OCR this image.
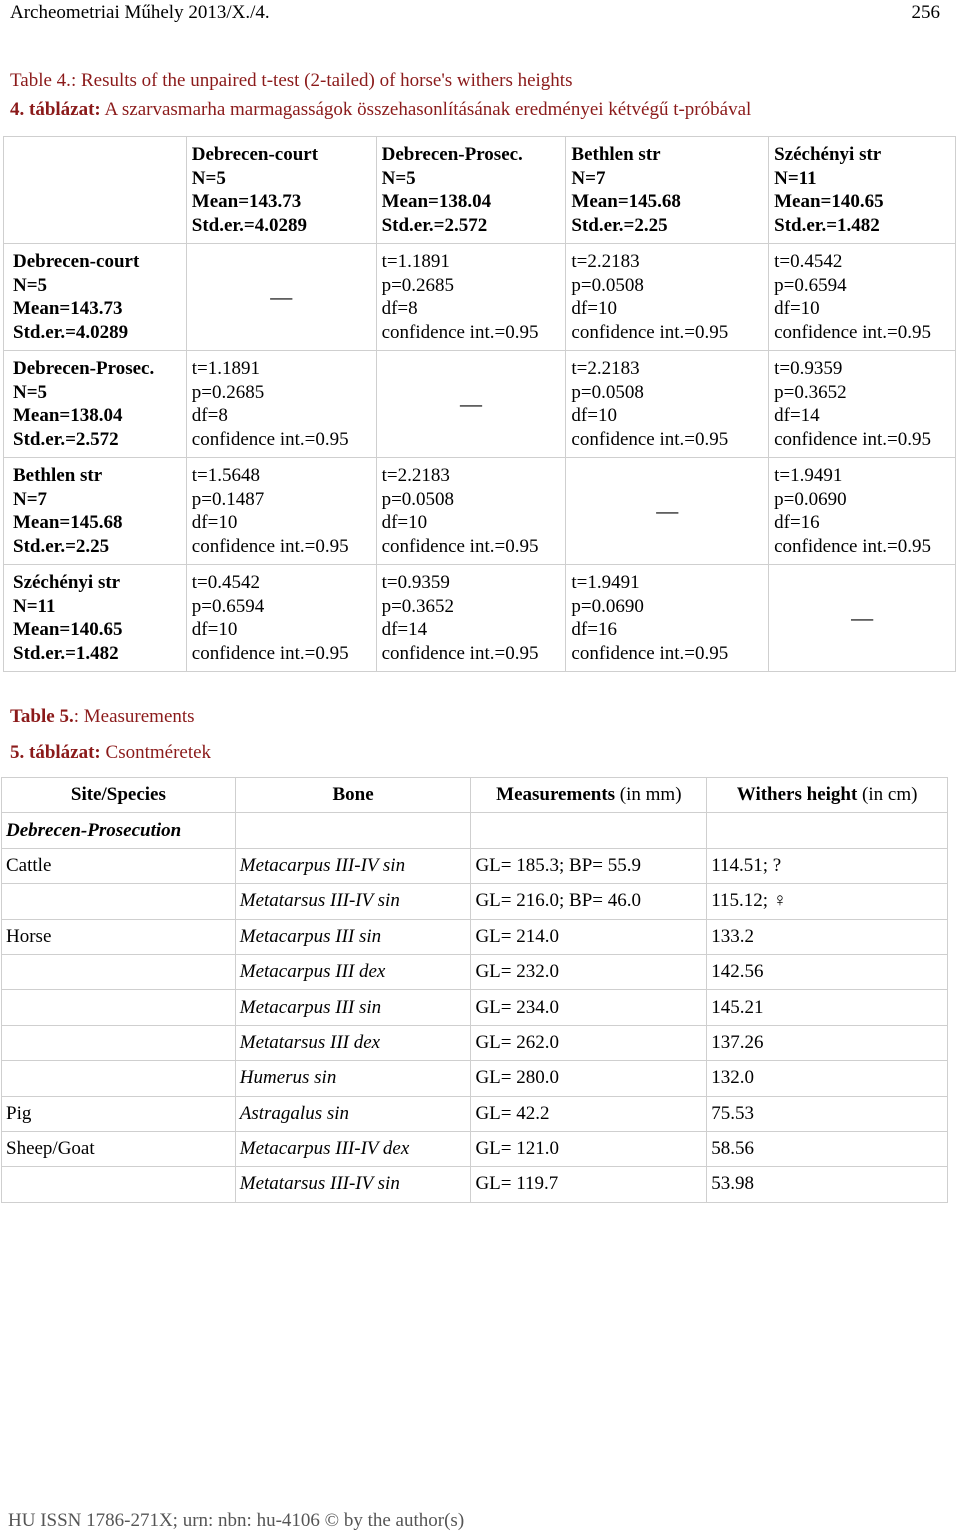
Archeometriai Műhely 2013/X./4.	256
Table 4.: Results of the unpaired t-test (2-tailed) of horse's withers heights
4. táblázat: A szarvasmarha marmagasságok összehasonlításának eredményei kétvégű t-próbával

	Debrecen-court
N=5
Mean=143.73
Std.er.=4.0289	Debrecen-Prosec.
N=5
Mean=138.04
Std.er.=2.572	Bethlen str
N=7
Mean=145.68
Std.er.=2.25	Széchényi str
N=11
Mean=140.65
Std.er.=1.482

Debrecen-court
N=5
Mean=143.73
Std.er.=4.0289	—	t=1.1891
p=0.2685
df=8
confidence int.=0.95	t=2.2183
p=0.0508
df=10
confidence int.=0.95	t=0.4542
p=0.6594
df=10
confidence int.=0.95

Debrecen-Prosec.
N=5
Mean=138.04
Std.er.=2.572	t=1.1891
p=0.2685
df=8
confidence int.=0.95	—	t=2.2183
p=0.0508
df=10
confidence int.=0.95	t=0.9359
p=0.3652
df=14
confidence int.=0.95

Bethlen str
N=7
Mean=145.68
Std.er.=2.25	t=1.5648
p=0.1487
df=10
confidence int.=0.95	t=2.2183
p=0.0508
df=10
confidence int.=0.95	—	t=1.9491
p=0.0690
df=16
confidence int.=0.95

Széchényi str
N=11
Mean=140.65
Std.er.=1.482	t=0.4542
p=0.6594
df=10
confidence int.=0.95	t=0.9359
p=0.3652
df=14
confidence int.=0.95	t=1.9491
p=0.0690
df=16
confidence int.=0.95	—
Table 5.: Measurements
5. táblázat: Csontméretek
Site/Species	Bone	Measurements (in mm)	Withers height (in cm)
Debrecen-Prosecution			
Cattle	Metacarpus III-IV sin	GL= 185.3; BP= 55.9	114.51; ?
	Metatarsus III-IV sin	GL= 216.0; BP= 46.0	115.12; ♀
Horse	Metacarpus III sin	GL= 214.0	133.2
	Metacarpus III dex	GL= 232.0	142.56
	Metacarpus III sin	GL= 234.0	145.21
	Metatarsus III dex	GL= 262.0	137.26
	Humerus sin	GL= 280.0	132.0
Pig	Astragalus sin	GL= 42.2	75.53
Sheep/Goat	Metacarpus III-IV dex	GL= 121.0	58.56
	Metatarsus III-IV sin	GL= 119.7	53.98
HU ISSN 1786-271X; urn: nbn: hu-4106 © by the author(s)
